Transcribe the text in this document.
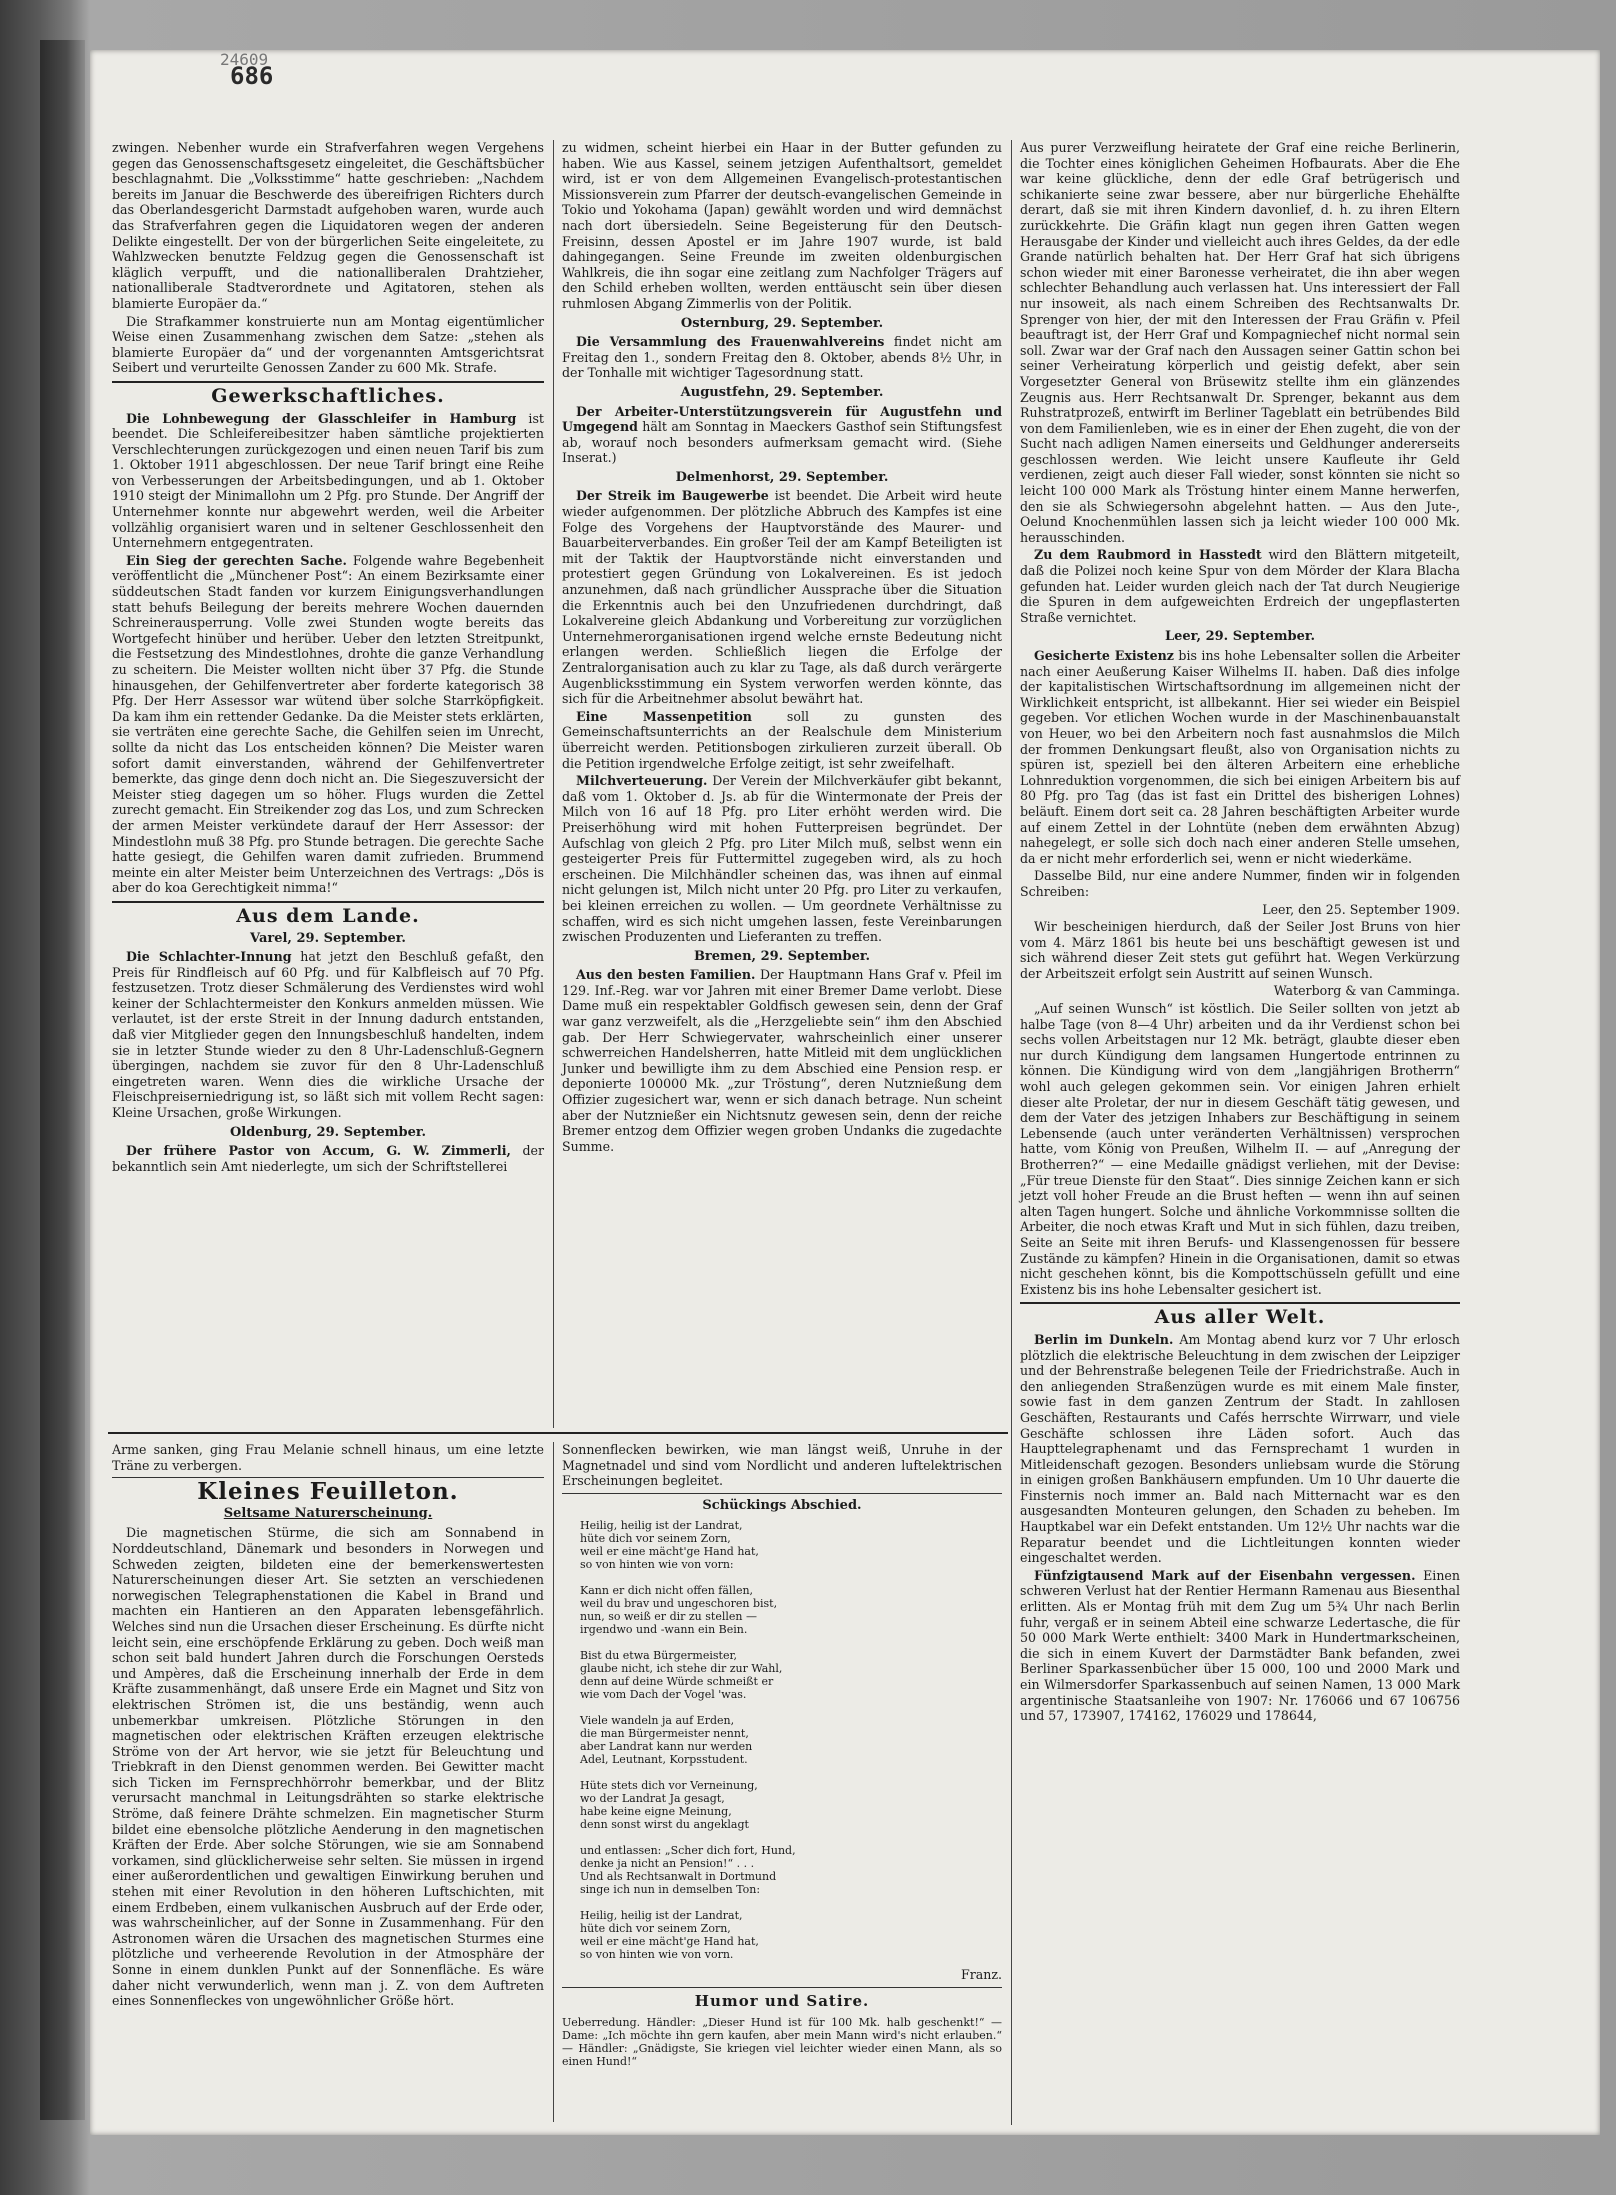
24609
686

zwingen. Nebenher wurde ein Strafverfahren wegen Vergehens gegen das Genossenschaftsgesetz eingeleitet, die Geschäftsbücher beschlagnahmt. Die „Volksstimme“ hatte geschrieben: „Nachdem bereits im Januar die Beschwerde des übereifrigen Richters durch das Oberlandesgericht Darmstadt aufgehoben waren, wurde auch das Strafverfahren gegen die Liquidatoren wegen der anderen Delikte eingestellt. Der von der bürgerlichen Seite eingeleitete, zu Wahlzwecken benutzte Feldzug gegen die Genossenschaft ist kläglich verpufft, und die nationalliberalen Drahtzieher, nationalliberale Stadtverordnete und Agitatoren, stehen als blamierte Europäer da.“

Die Strafkammer konstruierte nun am Montag eigentümlicher Weise einen Zusammenhang zwischen dem Satze: „stehen als blamierte Europäer da“ und der vorgenannten Amtsgerichtsrat Seibert und verurteilte Genossen Zander zu 600 Mk. Strafe.

Gewerkschaftliches.

Die Lohnbewegung der Glasschleifer in Hamburg ist beendet. Die Schleifereibesitzer haben sämtliche projektierten Verschlechterungen zurückgezogen und einen neuen Tarif bis zum 1. Oktober 1911 abgeschlossen. Der neue Tarif bringt eine Reihe von Verbesserungen der Arbeitsbedingungen, und ab 1. Oktober 1910 steigt der Minimallohn um 2 Pfg. pro Stunde. Der Angriff der Unternehmer konnte nur abgewehrt werden, weil die Arbeiter vollzählig organisiert waren und in seltener Geschlossenheit den Unternehmern entgegentraten.

Ein Sieg der gerechten Sache. Folgende wahre Begebenheit veröffentlicht die „Münchener Post“: An einem Bezirksamte einer süddeutschen Stadt fanden vor kurzem Einigungsverhandlungen statt behufs Beilegung der bereits mehrere Wochen dauernden Schreinerausperrung. Volle zwei Stunden wogte bereits das Wortgefecht hinüber und herüber. Ueber den letzten Streitpunkt, die Festsetzung des Mindestlohnes, drohte die ganze Verhandlung zu scheitern. Die Meister wollten nicht über 37 Pfg. die Stunde hinausgehen, der Gehilfenvertreter aber forderte kategorisch 38 Pfg. Der Herr Assessor war wütend über solche Starrköpfigkeit. Da kam ihm ein rettender Gedanke. Da die Meister stets erklärten, sie verträten eine gerechte Sache, die Gehilfen seien im Unrecht, sollte da nicht das Los entscheiden können? Die Meister waren sofort damit einverstanden, während der Gehilfenvertreter bemerkte, das ginge denn doch nicht an. Die Siegeszuversicht der Meister stieg dagegen um so höher. Flugs wurden die Zettel zurecht gemacht. Ein Streikender zog das Los, und zum Schrecken der armen Meister verkündete darauf der Herr Assessor: der Mindestlohn muß 38 Pfg. pro Stunde betragen. Die gerechte Sache hatte gesiegt, die Gehilfen waren damit zufrieden. Brummend meinte ein alter Meister beim Unterzeichnen des Vertrags: „Dös is aber do koa Gerechtigkeit nimma!“

Aus dem Lande.
Varel, 29. September.

Die Schlachter-Innung hat jetzt den Beschluß gefaßt, den Preis für Rindfleisch auf 60 Pfg. und für Kalbfleisch auf 70 Pfg. festzusetzen. Trotz dieser Schmälerung des Verdienstes wird wohl keiner der Schlachtermeister den Konkurs anmelden müssen. Wie verlautet, ist der erste Streit in der Innung dadurch entstanden, daß vier Mitglieder gegen den Innungsbeschluß handelten, indem sie in letzter Stunde wieder zu den 8 Uhr-Ladenschluß-Gegnern übergingen, nachdem sie zuvor für den 8 Uhr-Ladenschluß eingetreten waren. Wenn dies die wirkliche Ursache der Fleischpreiserniedrigung ist, so läßt sich mit vollem Recht sagen: Kleine Ursachen, große Wirkungen.

Oldenburg, 29. September.

Der frühere Pastor von Accum, G. W. Zimmerli, der bekanntlich sein Amt niederlegte, um sich der Schriftstellerei

zu widmen, scheint hierbei ein Haar in der Butter gefunden zu haben. Wie aus Kassel, seinem jetzigen Aufenthaltsort, gemeldet wird, ist er von dem Allgemeinen Evangelisch-protestantischen Missionsverein zum Pfarrer der deutsch-evangelischen Gemeinde in Tokio und Yokohama (Japan) gewählt worden und wird demnächst nach dort übersiedeln. Seine Begeisterung für den Deutsch-Freisinn, dessen Apostel er im Jahre 1907 wurde, ist bald dahingegangen. Seine Freunde im zweiten oldenburgischen Wahlkreis, die ihn sogar eine zeitlang zum Nachfolger Trägers auf den Schild erheben wollten, werden enttäuscht sein über diesen ruhmlosen Abgang Zimmerlis von der Politik.

Osternburg, 29. September.

Die Versammlung des Frauenwahlvereins findet nicht am Freitag den 1., sondern Freitag den 8. Oktober, abends 8½ Uhr, in der Tonhalle mit wichtiger Tagesordnung statt.

Augustfehn, 29. September.

Der Arbeiter-Unterstützungsverein für Augustfehn und Umgegend hält am Sonntag in Maeckers Gasthof sein Stiftungsfest ab, worauf noch besonders aufmerksam gemacht wird. (Siehe Inserat.)

Delmenhorst, 29. September.

Der Streik im Baugewerbe ist beendet. Die Arbeit wird heute wieder aufgenommen. Der plötzliche Abbruch des Kampfes ist eine Folge des Vorgehens der Hauptvorstände des Maurer- und Bauarbeiterverbandes. Ein großer Teil der am Kampf Beteiligten ist mit der Taktik der Hauptvorstände nicht einverstanden und protestiert gegen Gründung von Lokalvereinen. Es ist jedoch anzunehmen, daß nach gründlicher Aussprache über die Situation die Erkenntnis auch bei den Unzufriedenen durchdringt, daß Lokalvereine gleich Abdankung und Vorbereitung zur vorzüglichen Unternehmerorganisationen irgend welche ernste Bedeutung nicht erlangen werden. Schließlich liegen die Erfolge der Zentralorganisation auch zu klar zu Tage, als daß durch verärgerte Augenblicksstimmung ein System verworfen werden könnte, das sich für die Arbeitnehmer absolut bewährt hat.

Eine Massenpetition soll zu gunsten des Gemeinschaftsunterrichts an der Realschule dem Ministerium überreicht werden. Petitionsbogen zirkulieren zurzeit überall. Ob die Petition irgendwelche Erfolge zeitigt, ist sehr zweifelhaft.

Milchverteuerung. Der Verein der Milchverkäufer gibt bekannt, daß vom 1. Oktober d. Js. ab für die Wintermonate der Preis der Milch von 16 auf 18 Pfg. pro Liter erhöht werden wird. Die Preiserhöhung wird mit hohen Futterpreisen begründet. Der Aufschlag von gleich 2 Pfg. pro Liter Milch muß, selbst wenn ein gesteigerter Preis für Futtermittel zugegeben wird, als zu hoch erscheinen. Die Milchhändler scheinen das, was ihnen auf einmal nicht gelungen ist, Milch nicht unter 20 Pfg. pro Liter zu verkaufen, bei kleinen erreichen zu wollen. — Um geordnete Verhältnisse zu schaffen, wird es sich nicht umgehen lassen, feste Vereinbarungen zwischen Produzenten und Lieferanten zu treffen.

Bremen, 29. September.

Aus den besten Familien. Der Hauptmann Hans Graf v. Pfeil im 129. Inf.-Reg. war vor Jahren mit einer Bremer Dame verlobt. Diese Dame muß ein respektabler Goldfisch gewesen sein, denn der Graf war ganz verzweifelt, als die „Herzgeliebte sein“ ihm den Abschied gab. Der Herr Schwiegervater, wahrscheinlich einer unserer schwerreichen Handelsherren, hatte Mitleid mit dem unglücklichen Junker und bewilligte ihm zu dem Abschied eine Pension resp. er deponierte 100000 Mk. „zur Tröstung“, deren Nutznießung dem Offizier zugesichert war, wenn er sich danach betrage. Nun scheint aber der Nutznießer ein Nichtsnutz gewesen sein, denn der reiche Bremer entzog dem Offizier wegen groben Undanks die zugedachte Summe.

Aus purer Verzweiflung heiratete der Graf eine reiche Berlinerin, die Tochter eines königlichen Geheimen Hofbaurats. Aber die Ehe war keine glückliche, denn der edle Graf betrügerisch und schikanierte seine zwar bessere, aber nur bürgerliche Ehehälfte derart, daß sie mit ihren Kindern davonlief, d. h. zu ihren Eltern zurückkehrte. Die Gräfin klagt nun gegen ihren Gatten wegen Herausgabe der Kinder und vielleicht auch ihres Geldes, da der edle Grande natürlich behalten hat. Der Herr Graf hat sich übrigens schon wieder mit einer Baronesse verheiratet, die ihn aber wegen schlechter Behandlung auch verlassen hat. Uns interessiert der Fall nur insoweit, als nach einem Schreiben des Rechtsanwalts Dr. Sprenger von hier, der mit den Interessen der Frau Gräfin v. Pfeil beauftragt ist, der Herr Graf und Kompagniechef nicht normal sein soll. Zwar war der Graf nach den Aussagen seiner Gattin schon bei seiner Verheiratung körperlich und geistig defekt, aber sein Vorgesetzter General von Brüsewitz stellte ihm ein glänzendes Zeugnis aus. Herr Rechtsanwalt Dr. Sprenger, bekannt aus dem Ruhstratprozeß, entwirft im Berliner Tageblatt ein betrübendes Bild von dem Familienleben, wie es in einer der Ehen zugeht, die von der Sucht nach adligen Namen einerseits und Geldhunger andererseits geschlossen werden. Wie leicht unsere Kaufleute ihr Geld verdienen, zeigt auch dieser Fall wieder, sonst könnten sie nicht so leicht 100 000 Mark als Tröstung hinter einem Manne herwerfen, den sie als Schwiegersohn abgelehnt hatten. — Aus den Jute-, Oelund Knochenmühlen lassen sich ja leicht wieder 100 000 Mk. herausschinden.

Zu dem Raubmord in Hasstedt wird den Blättern mitgeteilt, daß die Polizei noch keine Spur von dem Mörder der Klara Blacha gefunden hat. Leider wurden gleich nach der Tat durch Neugierige die Spuren in dem aufgeweichten Erdreich der ungepflasterten Straße vernichtet.

Leer, 29. September.

Gesicherte Existenz bis ins hohe Lebensalter sollen die Arbeiter nach einer Aeußerung Kaiser Wilhelms II. haben. Daß dies infolge der kapitalistischen Wirtschaftsordnung im allgemeinen nicht der Wirklichkeit entspricht, ist allbekannt. Hier sei wieder ein Beispiel gegeben. Vor etlichen Wochen wurde in der Maschinenbauanstalt von Heuer, wo bei den Arbeitern noch fast ausnahmslos die Milch der frommen Denkungsart fleußt, also von Organisation nichts zu spüren ist, speziell bei den älteren Arbeitern eine erhebliche Lohnreduktion vorgenommen, die sich bei einigen Arbeitern bis auf 80 Pfg. pro Tag (das ist fast ein Drittel des bisherigen Lohnes) beläuft. Einem dort seit ca. 28 Jahren beschäftigten Arbeiter wurde auf einem Zettel in der Lohntüte (neben dem erwähnten Abzug) nahegelegt, er solle sich doch nach einer anderen Stelle umsehen, da er nicht mehr erforderlich sei, wenn er nicht wiederkäme.

Dasselbe Bild, nur eine andere Nummer, finden wir in folgenden Schreiben:

Leer, den 25. September 1909.

Wir bescheinigen hierdurch, daß der Seiler Jost Bruns von hier vom 4. März 1861 bis heute bei uns beschäftigt gewesen ist und sich während dieser Zeit stets gut geführt hat. Wegen Verkürzung der Arbeitszeit erfolgt sein Austritt auf seinen Wunsch.

Waterborg & van Camminga.

„Auf seinen Wunsch“ ist köstlich. Die Seiler sollten von jetzt ab halbe Tage (von 8—4 Uhr) arbeiten und da ihr Verdienst schon bei sechs vollen Arbeitstagen nur 12 Mk. beträgt, glaubte dieser eben nur durch Kündigung dem langsamen Hungertode entrinnen zu können. Die Kündigung wird von dem „langjährigen Brotherrn“ wohl auch gelegen gekommen sein. Vor einigen Jahren erhielt dieser alte Proletar, der nur in diesem Geschäft tätig gewesen, und dem der Vater des jetzigen Inhabers zur Beschäftigung in seinem Lebensende (auch unter veränderten Verhältnissen) versprochen hatte, vom König von Preußen, Wilhelm II. — auf „Anregung der Brotherren?“ — eine Medaille gnädigst verliehen, mit der Devise: „Für treue Dienste für den Staat“. Dies sinnige Zeichen kann er sich jetzt voll hoher Freude an die Brust heften — wenn ihn auf seinen alten Tagen hungert. Solche und ähnliche Vorkommnisse sollten die Arbeiter, die noch etwas Kraft und Mut in sich fühlen, dazu treiben, Seite an Seite mit ihren Berufs- und Klassengenossen für bessere Zustände zu kämpfen? Hinein in die Organisationen, damit so etwas nicht geschehen könnt, bis die Kompottschüsseln gefüllt und eine Existenz bis ins hohe Lebensalter gesichert ist.

Aus aller Welt.

Berlin im Dunkeln. Am Montag abend kurz vor 7 Uhr erlosch plötzlich die elektrische Beleuchtung in dem zwischen der Leipziger und der Behrenstraße belegenen Teile der Friedrichstraße. Auch in den anliegenden Straßenzügen wurde es mit einem Male finster, sowie fast in dem ganzen Zentrum der Stadt. In zahllosen Geschäften, Restaurants und Cafés herrschte Wirrwarr, und viele Geschäfte schlossen ihre Läden sofort. Auch das Haupttelegraphenamt und das Fernsprechamt 1 wurden in Mitleidenschaft gezogen. Besonders unliebsam wurde die Störung in einigen großen Bankhäusern empfunden. Um 10 Uhr dauerte die Finsternis noch immer an. Bald nach Mitternacht war es den ausgesandten Monteuren gelungen, den Schaden zu beheben. Im Hauptkabel war ein Defekt entstanden. Um 12½ Uhr nachts war die Reparatur beendet und die Lichtleitungen konnten wieder eingeschaltet werden.

Fünfzigtausend Mark auf der Eisenbahn vergessen. Einen schweren Verlust hat der Rentier Hermann Ramenau aus Biesenthal erlitten. Als er Montag früh mit dem Zug um 5¾ Uhr nach Berlin fuhr, vergaß er in seinem Abteil eine schwarze Ledertasche, die für 50 000 Mark Werte enthielt: 3400 Mark in Hundertmarkscheinen, die sich in einem Kuvert der Darmstädter Bank befanden, zwei Berliner Sparkassenbücher über 15 000, 100 und 2000 Mark und ein Wilmersdorfer Sparkassenbuch auf seinen Namen, 13 000 Mark argentinische Staatsanleihe von 1907: Nr. 176066 und 67 106756 und 57, 173907, 174162, 176029 und 178644,

Arme sanken, ging Frau Melanie schnell hinaus, um eine letzte Träne zu verbergen.

Kleines Feuilleton.
Seltsame Naturerscheinung.

Die magnetischen Stürme, die sich am Sonnabend in Norddeutschland, Dänemark und besonders in Norwegen und Schweden zeigten, bildeten eine der bemerkenswertesten Naturerscheinungen dieser Art. Sie setzten an verschiedenen norwegischen Telegraphenstationen die Kabel in Brand und machten ein Hantieren an den Apparaten lebensgefährlich. Welches sind nun die Ursachen dieser Erscheinung. Es dürfte nicht leicht sein, eine erschöpfende Erklärung zu geben. Doch weiß man schon seit bald hundert Jahren durch die Forschungen Oersteds und Ampères, daß die Erscheinung innerhalb der Erde in dem Kräfte zusammenhängt, daß unsere Erde ein Magnet und Sitz von elektrischen Strömen ist, die uns beständig, wenn auch unbemerkbar umkreisen. Plötzliche Störungen in den magnetischen oder elektrischen Kräften erzeugen elektrische Ströme von der Art hervor, wie sie jetzt für Beleuchtung und Triebkraft in den Dienst genommen werden. Bei Gewitter macht sich Ticken im Fernsprechhörrohr bemerkbar, und der Blitz verursacht manchmal in Leitungsdrähten so starke elektrische Ströme, daß feinere Drähte schmelzen. Ein magnetischer Sturm bildet eine ebensolche plötzliche Aenderung in den magnetischen Kräften der Erde. Aber solche Störungen, wie sie am Sonnabend vorkamen, sind glücklicherweise sehr selten. Sie müssen in irgend einer außerordentlichen und gewaltigen Einwirkung beruhen und stehen mit einer Revolution in den höheren Luftschichten, mit einem Erdbeben, einem vulkanischen Ausbruch auf der Erde oder, was wahrscheinlicher, auf der Sonne in Zusammenhang. Für den Astronomen wären die Ursachen des magnetischen Sturmes eine plötzliche und verheerende Revolution in der Atmosphäre der Sonne in einem dunklen Punkt auf der Sonnenfläche. Es wäre daher nicht verwunderlich, wenn man j. Z. von dem Auftreten eines Sonnenfleckes von ungewöhnlicher Größe hört.

Sonnenflecken bewirken, wie man längst weiß, Unruhe in der Magnetnadel und sind vom Nordlicht und anderen luftelektrischen Erscheinungen begleitet.

Schückings Abschied.
Heilig, heilig ist der Landrat,
hüte dich vor seinem Zorn,
weil er eine mächt'ge Hand hat,
so von hinten wie von vorn:

Kann er dich nicht offen fällen,
weil du brav und ungeschoren bist,
nun, so weiß er dir zu stellen —
irgendwo und -wann ein Bein.

Bist du etwa Bürgermeister,
glaube nicht, ich stehe dir zur Wahl,
denn auf deine Würde schmeißt er
wie vom Dach der Vogel 'was.

Viele wandeln ja auf Erden,
die man Bürgermeister nennt,
aber Landrat kann nur werden
Adel, Leutnant, Korpsstudent.

Hüte stets dich vor Verneinung,
wo der Landrat Ja gesagt,
habe keine eigne Meinung,
denn sonst wirst du angeklagt

und entlassen: „Scher dich fort, Hund,
denke ja nicht an Pension!“ . . .
Und als Rechtsanwalt in Dortmund
singe ich nun in demselben Ton:

Heilig, heilig ist der Landrat,
hüte dich vor seinem Zorn,
weil er eine mächt'ge Hand hat,
so von hinten wie von vorn.

Franz.

Humor und Satire.

Ueberredung. Händler: „Dieser Hund ist für 100 Mk. halb geschenkt!“ — Dame: „Ich möchte ihn gern kaufen, aber mein Mann wird's nicht erlauben.“ — Händler: „Gnädigste, Sie kriegen viel leichter wieder einen Mann, als so einen Hund!“
